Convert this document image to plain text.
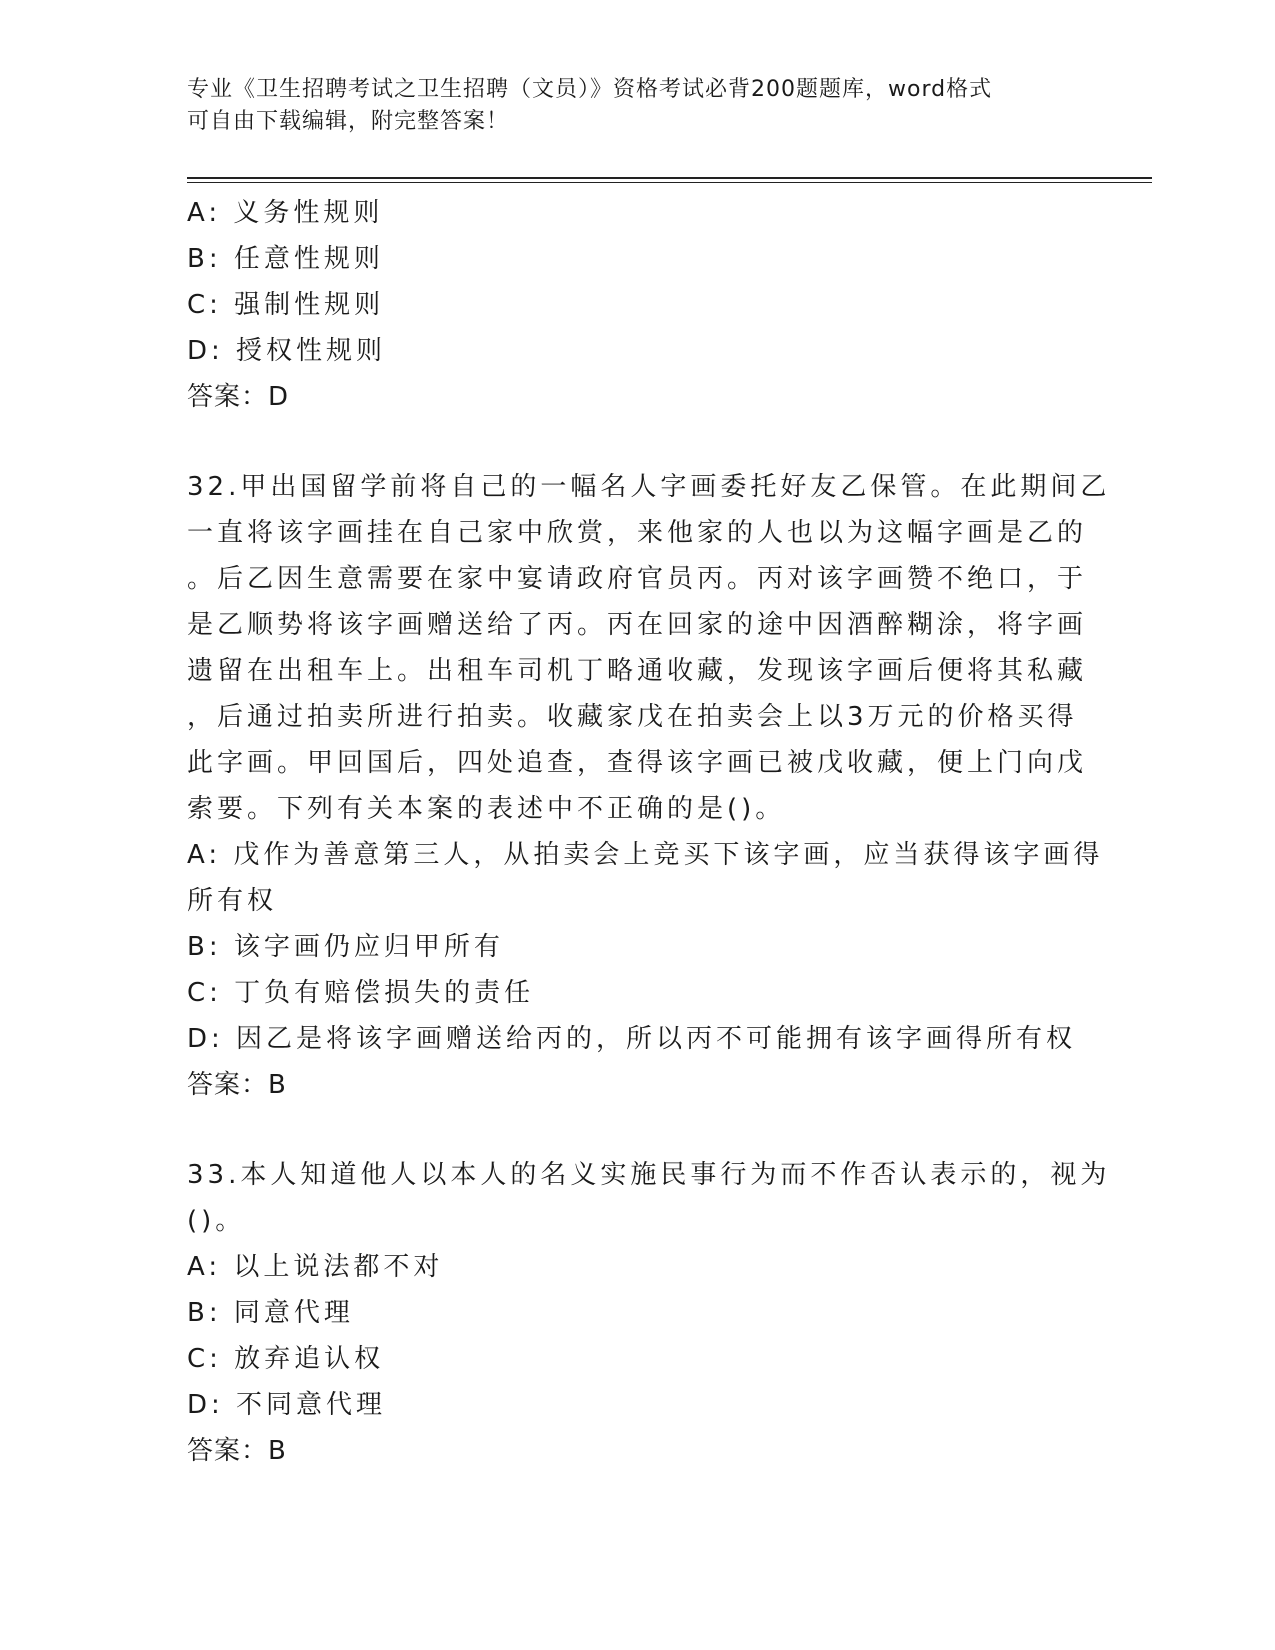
专业《卫生招聘考试之卫生招聘（文员）》资格考试必背200题题库，word格式
可自由下载编辑，附完整答案！
A: 义务性规则
B: 任意性规则
C: 强制性规则
D: 授权性规则
答案：D
32.甲出国留学前将自己的一幅名人字画委托好友乙保管。在此期间乙
一直将该字画挂在自己家中欣赏，来他家的人也以为这幅字画是乙的
。后乙因生意需要在家中宴请政府官员丙。丙对该字画赞不绝口，于
是乙顺势将该字画赠送给了丙。丙在回家的途中因酒醉糊涂，将字画
遗留在出租车上。出租车司机丁略通收藏，发现该字画后便将其私藏
，后通过拍卖所进行拍卖。收藏家戊在拍卖会上以3万元的价格买得
此字画。甲回国后，四处追查，查得该字画已被戊收藏，便上门向戊
索要。下列有关本案的表述中不正确的是()。
A: 戊作为善意第三人，从拍卖会上竞买下该字画，应当获得该字画得
所有权
B: 该字画仍应归甲所有
C: 丁负有赔偿损失的责任
D: 因乙是将该字画赠送给丙的，所以丙不可能拥有该字画得所有权
答案：B
33.本人知道他人以本人的名义实施民事行为而不作否认表示的，视为
()。
A: 以上说法都不对
B: 同意代理
C: 放弃追认权
D: 不同意代理
答案：B
